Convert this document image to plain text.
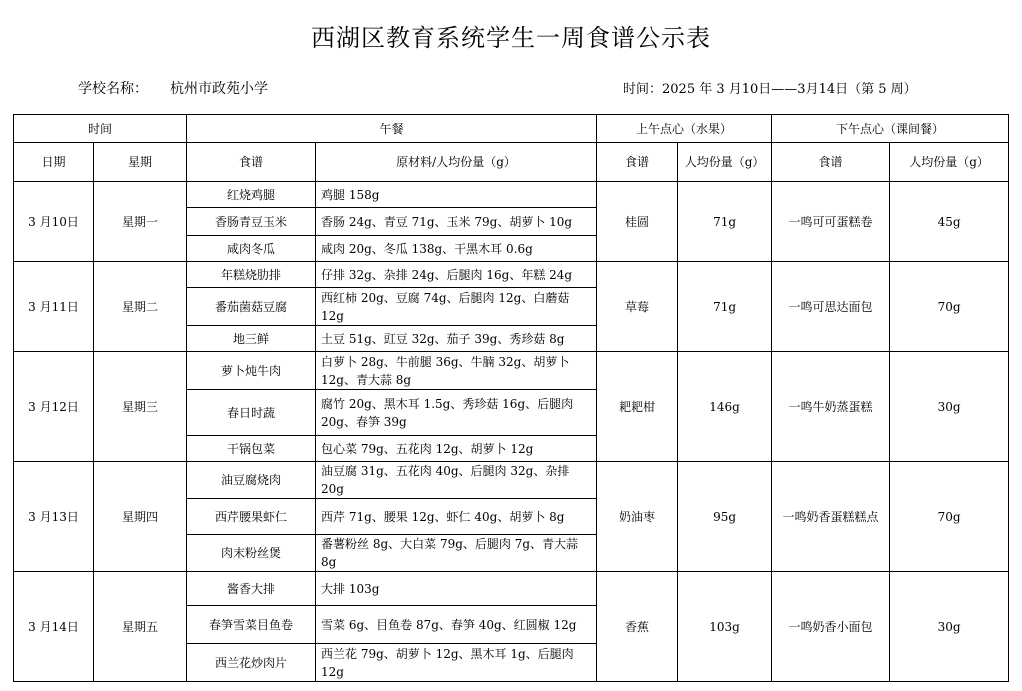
西湖区教育系统学生一周食谱公示表
学校名称： 杭州市政苑小学	时间：2025 年 3 月10日——3月14日（第 5 周）
时间		午餐		上午点心（水果）		下午点心（课间餐）	
日期	星期	食谱	原材料/人均份量（g）	食谱	人均份量（g）	食谱	人均份量（g）
3 月10日	星期一	红烧鸡腿	鸡腿 158g	桂圆	71g	一鸣可可蛋糕卷	45g
		香肠青豆玉米	香肠 24g、青豆 71g、玉米 79g、胡萝卜 10g				
		咸肉冬瓜	咸肉 20g、冬瓜 138g、干黑木耳 0.6g				
3 月11日	星期二	年糕烧肋排	仔排 32g、杂排 24g、后腿肉 16g、年糕 24g	草莓	71g	一鸣可思达面包	70g
		番茄菌菇豆腐	西红柿 20g、豆腐 74g、后腿肉 12g、白蘑菇 12g				
		地三鲜	土豆 51g、豇豆 32g、茄子 39g、秀珍菇 8g				
3 月12日	星期三	萝卜炖牛肉	白萝卜 28g、牛前腿 36g、牛腩 32g、胡萝卜 12g、青大蒜 8g	耙耙柑	146g	一鸣牛奶蒸蛋糕	30g
		春日时蔬	腐竹 20g、黑木耳 1.5g、秀珍菇 16g、后腿肉 20g、春笋 39g				
		干锅包菜	包心菜 79g、五花肉 12g、胡萝卜 12g				
3 月13日	星期四	油豆腐烧肉	油豆腐 31g、五花肉 40g、后腿肉 32g、杂排 20g	奶油枣	95g	一鸣奶香蛋糕糕点	70g
		西芹腰果虾仁	西芹 71g、腰果 12g、虾仁 40g、胡萝卜 8g				
		肉末粉丝煲	番薯粉丝 8g、大白菜 79g、后腿肉 7g、青大蒜 8g				
3 月14日	星期五	酱香大排	大排 103g	香蕉	103g	一鸣奶香小面包	30g
		春笋雪菜目鱼卷	雪菜 6g、目鱼卷 87g、春笋 40g、红圆椒 12g				
		西兰花炒肉片	西兰花 79g、胡萝卜 12g、黑木耳 1g、后腿肉 12g				
